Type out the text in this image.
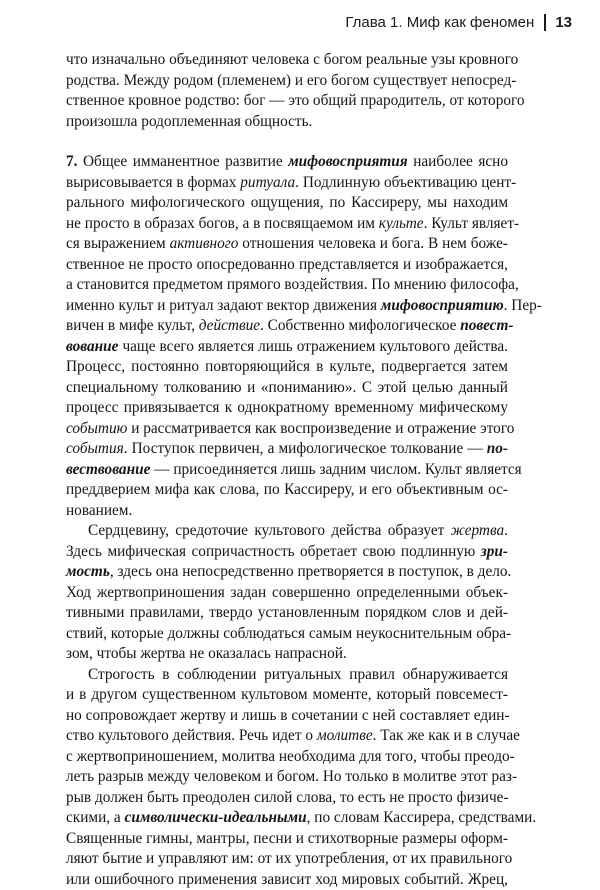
Глава 1. Миф как феномен 13
что изначально объединяют человека с богом реальные узы кровного
родства. Между родом (племенем) и его богом существует непосред-
ственное кровное родство: бог — это общий прародитель, от которого
произошла родоплеменная общность.
7. Общее имманентное развитие мифовосприятия наиболее ясно
вырисовывается в формах ритуала. Подлинную объективацию цент-
рального мифологического ощущения, по Кассиреру, мы находим
не просто в образах богов, а в посвящаемом им культе. Культ являет-
ся выражением активного отношения человека и бога. В нем боже-
ственное не просто опосредованно представляется и изображается,
а становится предметом прямого воздействия. По мнению философа,
именно культ и ритуал задают вектор движения мифовосприятию. Пер-
вичен в мифе культ, действие. Собственно мифологическое повест-
вование чаще всего является лишь отражением культового действа.
Процесс, постоянно повторяющийся в культе, подвергается затем
специальному толкованию и «пониманию». С этой целью данный
процесс привязывается к однократному временному мифическому
событию и рассматривается как воспроизведение и отражение этого
события. Поступок первичен, а мифологическое толкование — по-
вествование — присоединяется лишь задним числом. Культ является
преддверием мифа как слова, по Кассиреру, и его объективным ос-
нованием.
Сердцевину, средоточие культового действа образует жертва.
Здесь мифическая сопричастность обретает свою подлинную зри-
мость, здесь она непосредственно претворяется в поступок, в дело.
Ход жертвоприношения задан совершенно определенными объек-
тивными правилами, твердо установленным порядком слов и дей-
ствий, которые должны соблюдаться самым неукоснительным обра-
зом, чтобы жертва не оказалась напрасной.
Строгость в соблюдении ритуальных правил обнаруживается
и в другом существенном культовом моменте, который повсемест-
но сопровождает жертву и лишь в сочетании с ней составляет един-
ство культового действия. Речь идет о молитве. Так же как и в случае
с жертвоприношением, молитва необходима для того, чтобы преодо-
леть разрыв между человеком и богом. Но только в молитве этот раз-
рыв должен быть преодолен силой слова, то есть не просто физиче-
скими, а символически-идеальными, по словам Кассирера, средствами.
Священные гимны, мантры, песни и стихотворные размеры оформ-
ляют бытие и управляют им: от их употребления, от их правильного
или ошибочного применения зависит ход мировых событий. Жрец,
